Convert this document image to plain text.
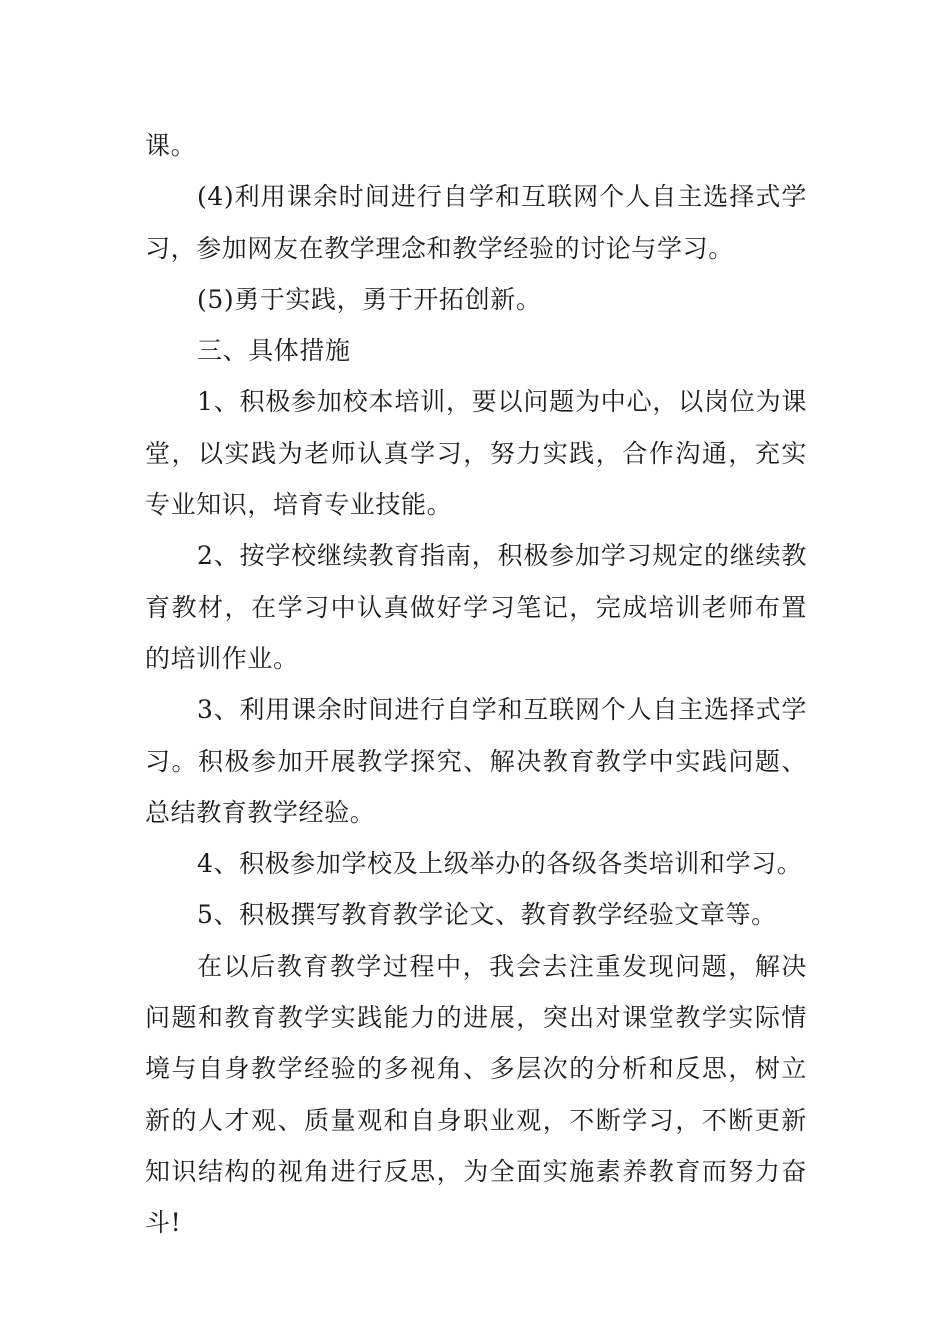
课。

(4)利用课余时间进行自学和互联网个人自主选择式学习，参加网友在教学理念和教学经验的讨论与学习。

(5)勇于实践，勇于开拓创新。

三、具体措施

1、积极参加校本培训，要以问题为中心，以岗位为课堂，以实践为老师认真学习，努力实践，合作沟通，充实专业知识，培育专业技能。

2、按学校继续教育指南，积极参加学习规定的继续教育教材，在学习中认真做好学习笔记，完成培训老师布置的培训作业。

3、利用课余时间进行自学和互联网个人自主选择式学习。积极参加开展教学探究、解决教育教学中实践问题、总结教育教学经验。

4、积极参加学校及上级举办的各级各类培训和学习。

5、积极撰写教育教学论文、教育教学经验文章等。

在以后教育教学过程中，我会去注重发现问题，解决问题和教育教学实践能力的进展，突出对课堂教学实际情境与自身教学经验的多视角、多层次的分析和反思，树立新的人才观、质量观和自身职业观，不断学习，不断更新知识结构的视角进行反思，为全面实施素养教育而努力奋斗!
